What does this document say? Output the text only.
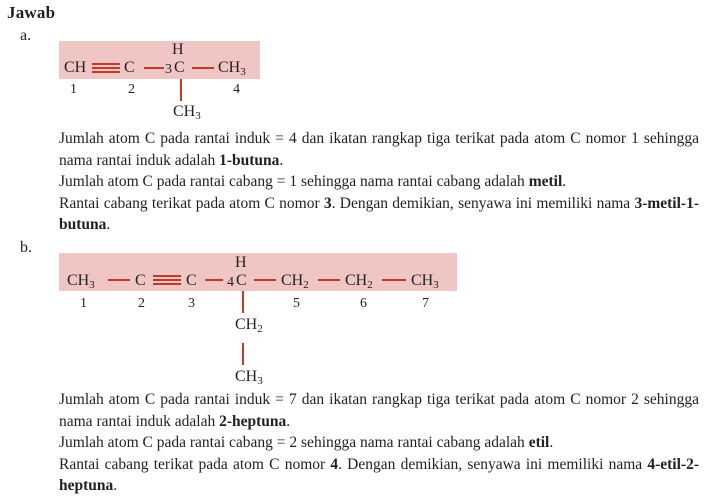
Jawab
a.
CH C
H
3 C $CH_3$
1	2	4
$CH_3$

Jumlah atom C pada rantai induk = 4 dan ikatan rangkap tiga terikat pada atom C nomor 1 sehingga nama rantai induk adalah 1-butuna.

Jumlah atom C pada rantai cabang = 1 sehingga nama rantai cabang adalah metil.

Rantai cabang terikat pada atom C nomor 3. Dengan demikian, senyawa ini memiliki nama 3-metil-1-butuna.

b.
$CH_3$	C	C
H
4 C $CH_2$ $CH_2$ $CH_3$
1	2	3	5	6	7
$CH_2$
$CH_3$

Jumlah atom C pada rantai induk = 7 dan ikatan rangkap tiga terikat pada atom C nomor 2 sehingga nama rantai induk adalah 2-heptuna.

Jumlah atom C pada rantai cabang = 2 sehingga nama rantai cabang adalah etil.

Rantai cabang terikat pada atom C nomor 4. Dengan demikian, senyawa ini memiliki nama 4-etil-2-heptuna.
